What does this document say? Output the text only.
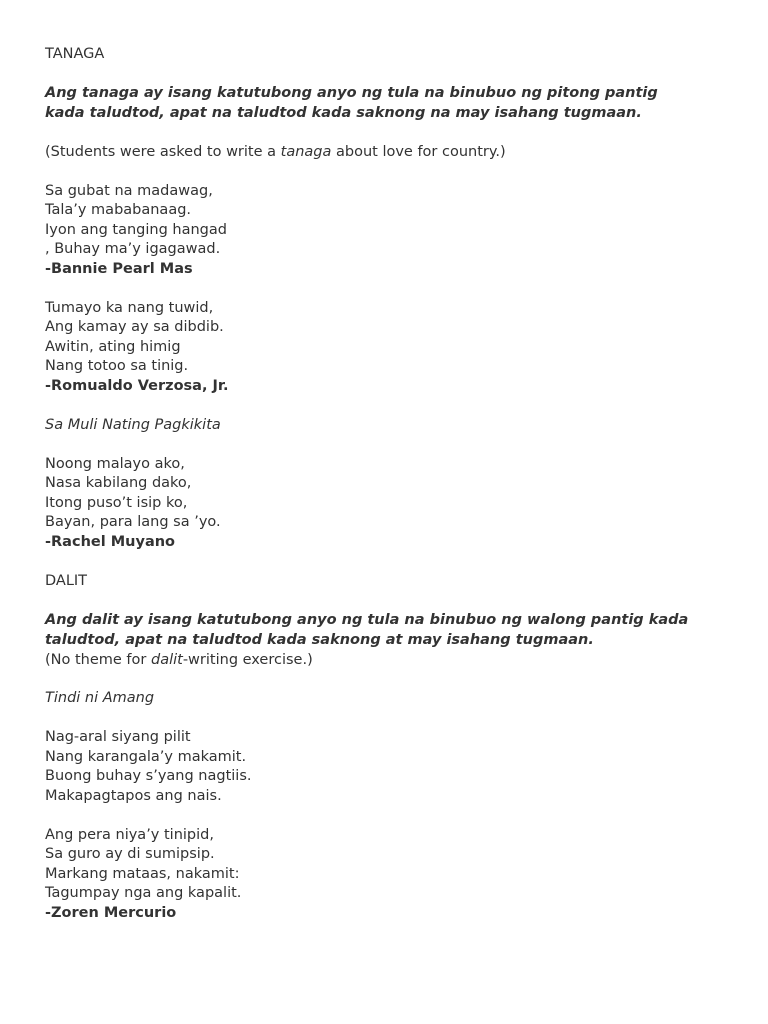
TANAGA
Ang tanaga ay isang katutubong anyo ng tula na binubuo ng pitong pantig
kada taludtod, apat na taludtod kada saknong na may isahang tugmaan.
(Students were asked to write a tanaga about love for country.)
Sa gubat na madawag,
Tala’y mababanaag.
Iyon ang tanging hangad
, Buhay ma’y igagawad.
-Bannie Pearl Mas
Tumayo ka nang tuwid,
Ang kamay ay sa dibdib.
Awitin, ating himig
Nang totoo sa tinig.
-Romualdo Verzosa, Jr.
Sa Muli Nating Pagkikita
Noong malayo ako,
Nasa kabilang dako,
Itong puso’t isip ko,
Bayan, para lang sa ’yo.
-Rachel Muyano
DALIT
Ang dalit ay isang katutubong anyo ng tula na binubuo ng walong pantig kada
taludtod, apat na taludtod kada saknong at may isahang tugmaan.
(No theme for dalit-writing exercise.)
Tindi ni Amang
Nag-aral siyang pilit
Nang karangala’y makamit.
Buong buhay s’yang nagtiis.
Makapagtapos ang nais.
Ang pera niya’y tinipid,
Sa guro ay di sumipsip.
Markang mataas, nakamit:
Tagumpay nga ang kapalit.
-Zoren Mercurio
